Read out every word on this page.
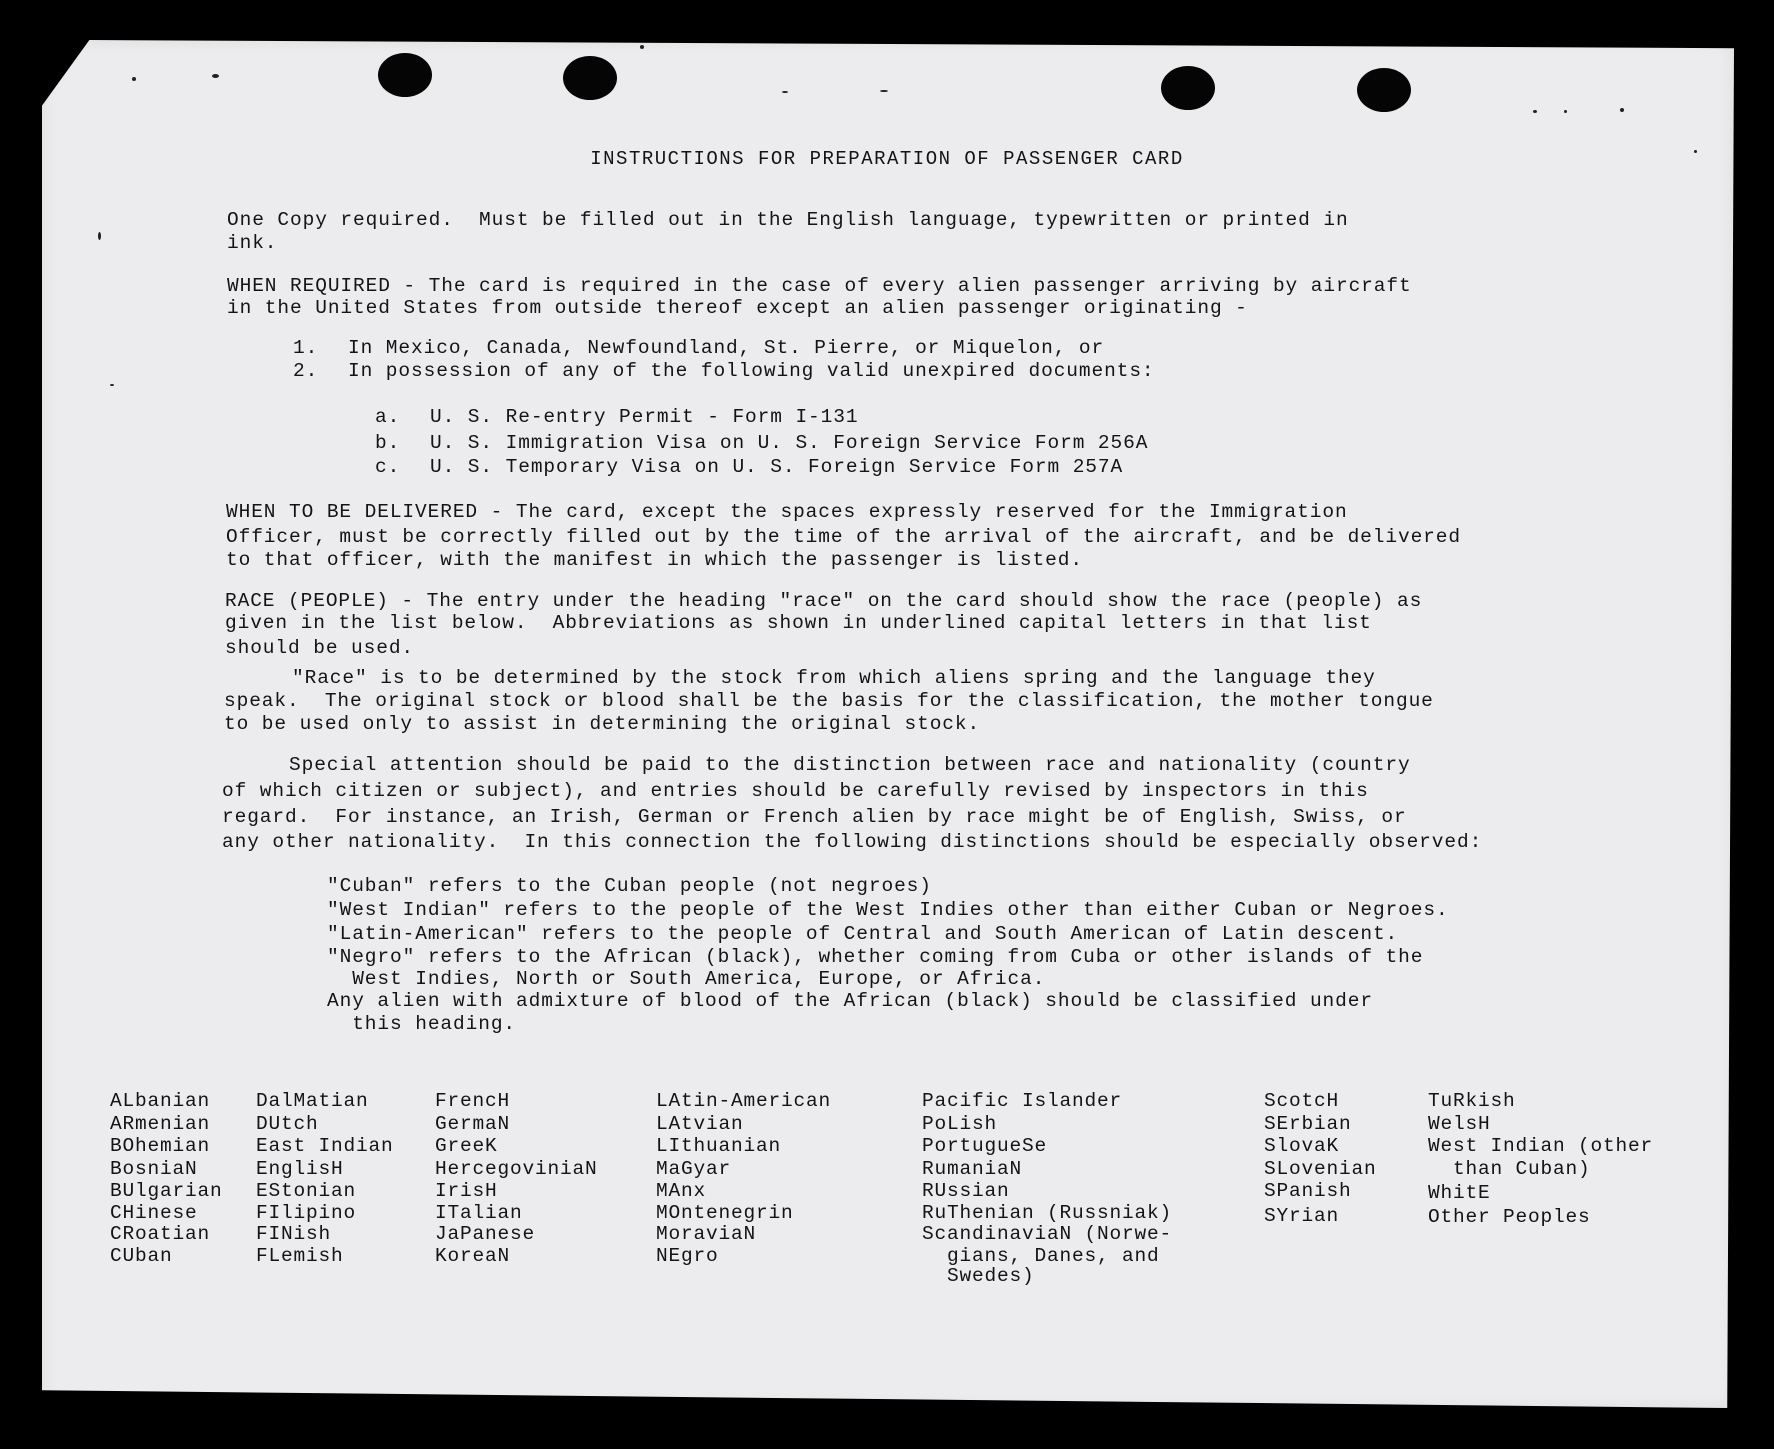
INSTRUCTIONS FOR PREPARATION OF PASSENGER CARD

One Copy required.  Must be filled out in the English language, typewritten or printed in

ink.

WHEN REQUIRED - The card is required in the case of every alien passenger arriving by aircraft

in the United States from outside thereof except an alien passenger originating -

1. In Mexico, Canada, Newfoundland, St. Pierre, or Miquelon, or

2. In possession of any of the following valid unexpired documents:

a. U. S. Re-entry Permit - Form I-131

b. U. S. Immigration Visa on U. S. Foreign Service Form 256A

c. U. S. Temporary Visa on U. S. Foreign Service Form 257A

WHEN TO BE DELIVERED - The card, except the spaces expressly reserved for the Immigration

Officer, must be correctly filled out by the time of the arrival of the aircraft, and be delivered

to that officer, with the manifest in which the passenger is listed.

RACE (PEOPLE) - The entry under the heading "race" on the card should show the race (people) as

given in the list below.  Abbreviations as shown in underlined capital letters in that list

should be used.

"Race" is to be determined by the stock from which aliens spring and the language they

speak.  The original stock or blood shall be the basis for the classification, the mother tongue

to be used only to assist in determining the original stock.

Special attention should be paid to the distinction between race and nationality (country

of which citizen or subject), and entries should be carefully revised by inspectors in this

regard.  For instance, an Irish, German or French alien by race might be of English, Swiss, or

any other nationality.  In this connection the following distinctions should be especially observed:

"Cuban" refers to the Cuban people (not negroes)

"West Indian" refers to the people of the West Indies other than either Cuban or Negroes.

"Latin-American" refers to the people of Central and South American of Latin descent.

"Negro" refers to the African (black), whether coming from Cuba or other islands of the

West Indies, North or South America, Europe, or Africa.

Any alien with admixture of blood of the African (black) should be classified under

this heading.

ALbanian

ARmenian

BOhemian

BosniaN

BUlgarian

CHinese

CRoatian

CUban

DalMatian

DUtch

East Indian

EnglisH

EStonian

FIlipino

FINish

FLemish

FrencH

GermaN

GreeK

HercegoviniaN

IrisH

ITalian

JaPanese

KoreaN

LAtin-American

LAtvian

LIthuanian

MaGyar

MAnx

MOntenegrin

MoraviaN

NEgro

Pacific Islander

PoLish

PortugueSe

RumaniaN

RUssian

RuThenian (Russniak)

ScandinaviaN (Norwe-

gians, Danes, and

Swedes)

ScotcH

SErbian

SlovaK

SLovenian

SPanish

SYrian

TuRkish

WelsH

West Indian (other

than Cuban)

WhitE

Other Peoples
